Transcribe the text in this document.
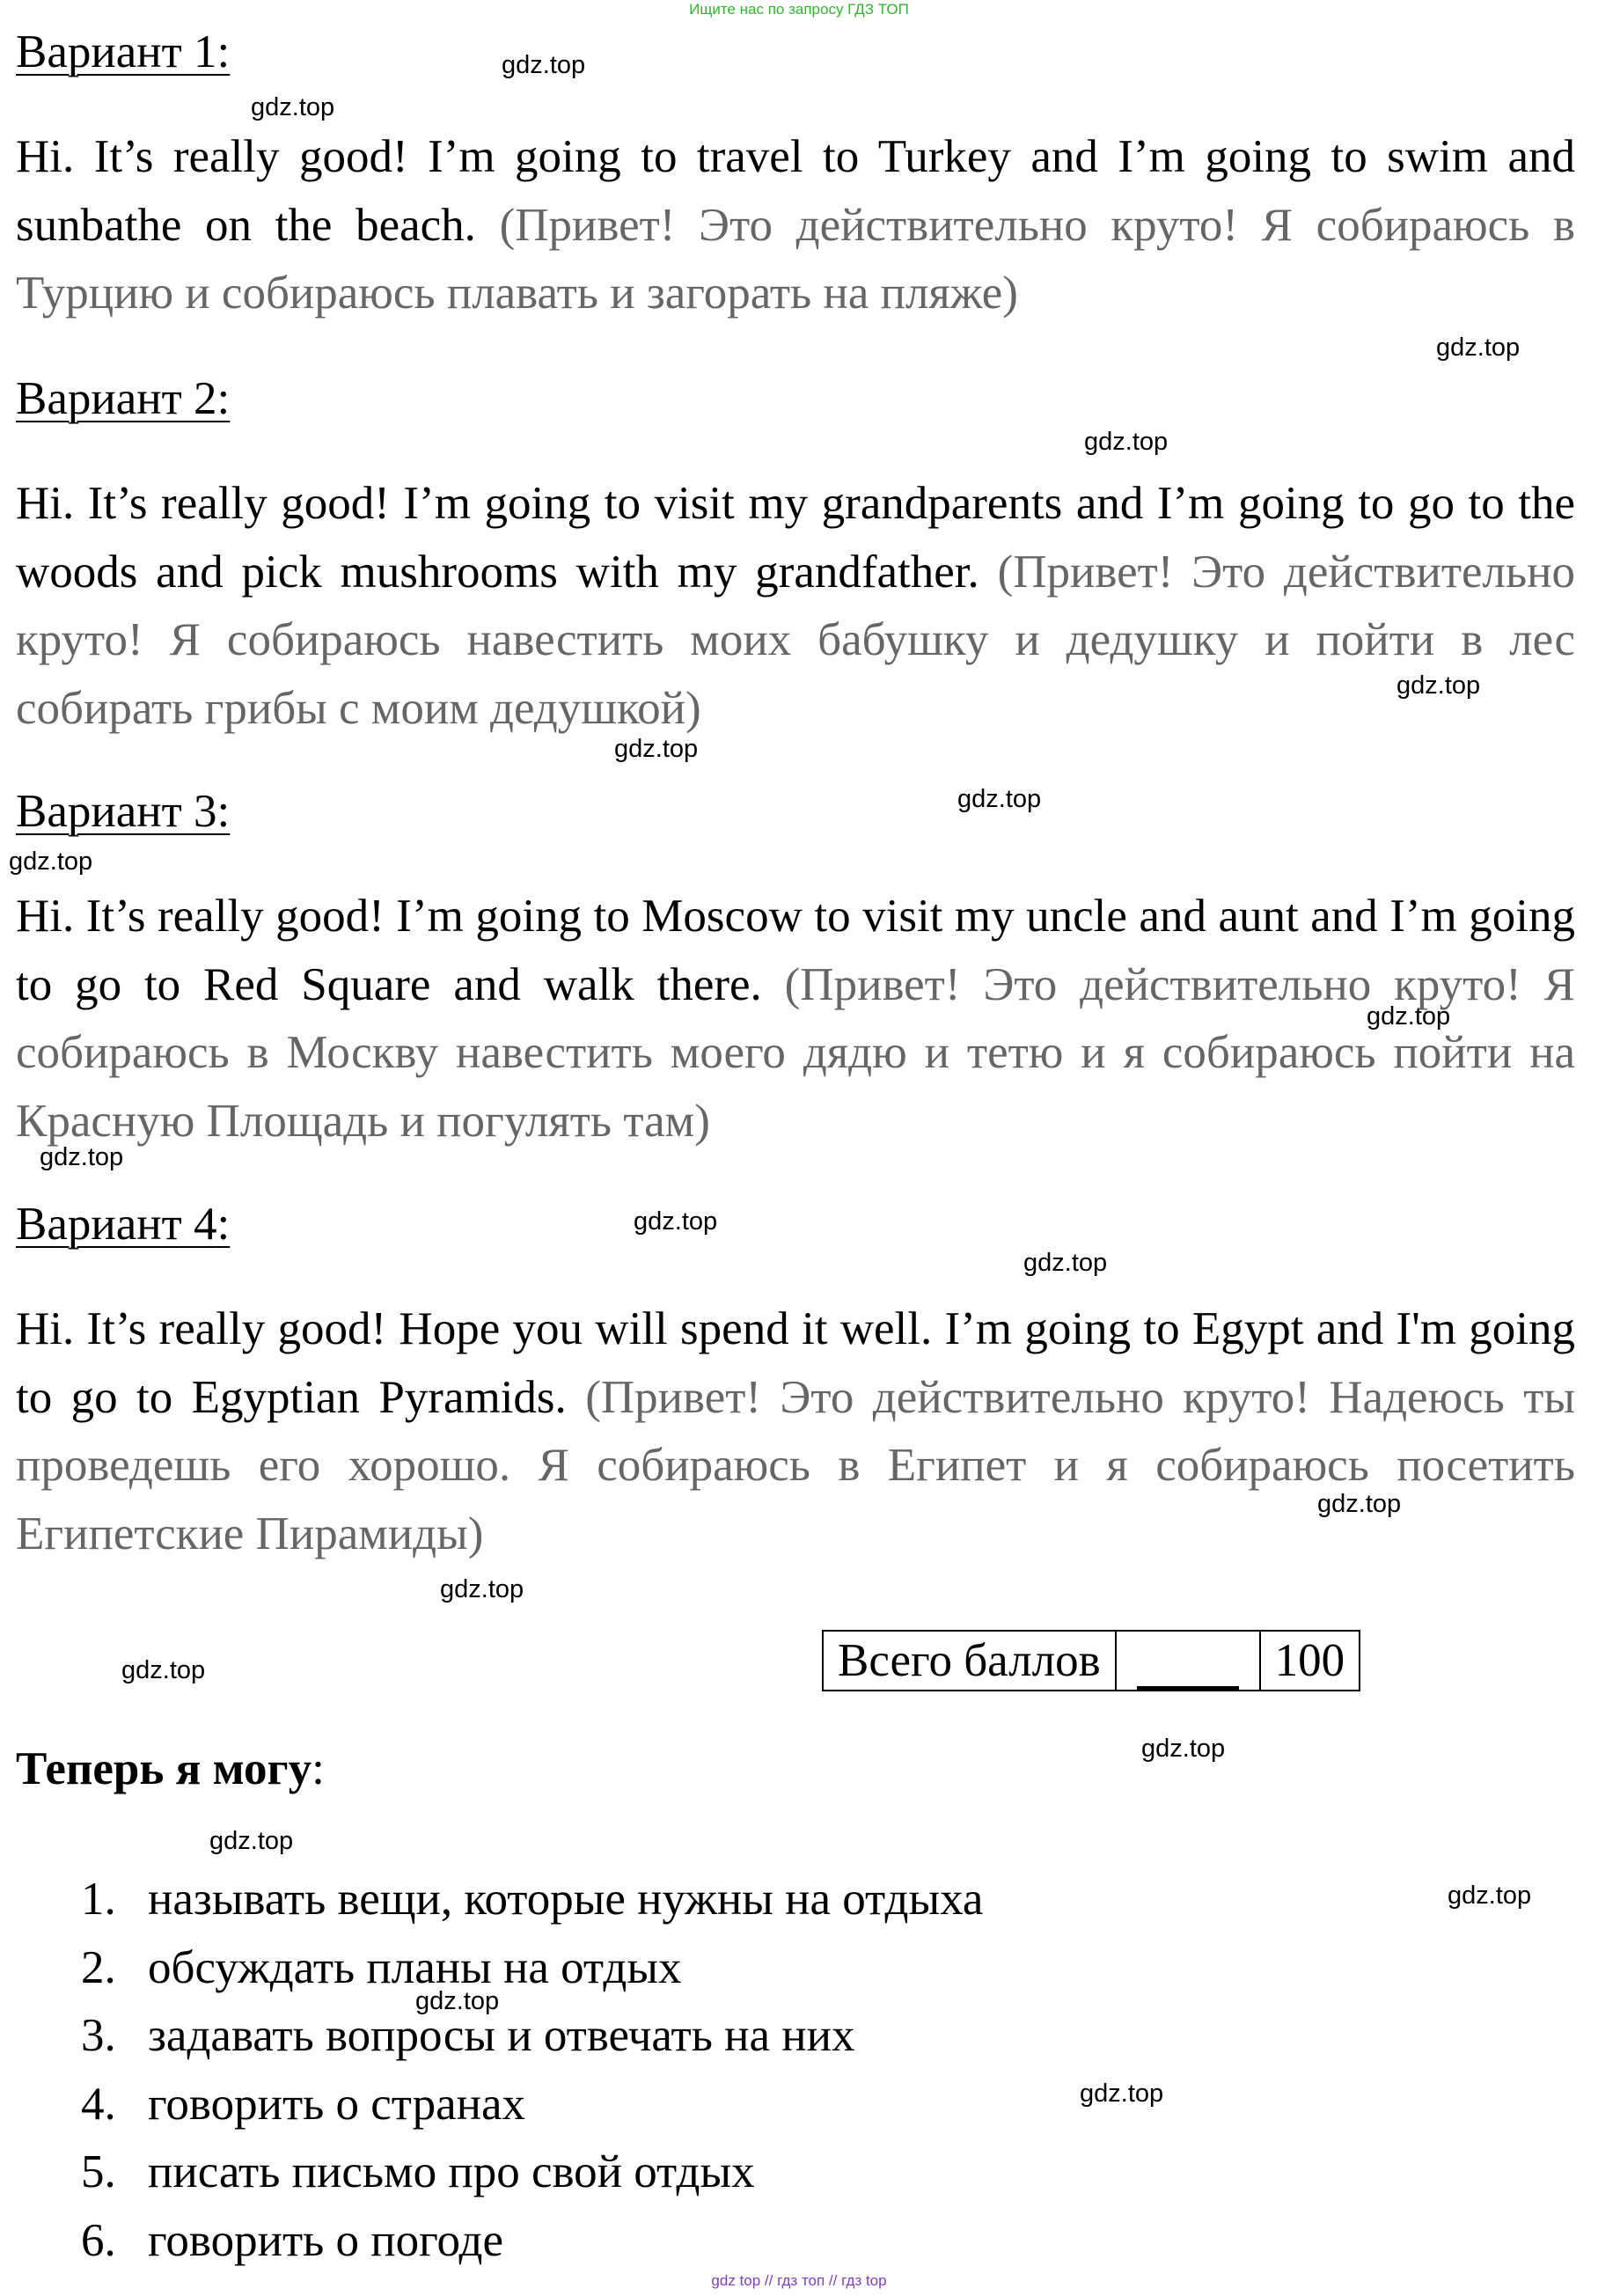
Ищите нас по запросу ГДЗ ТОП
Вариант 1:
Hi. It’s really good! I’m going to travel to Turkey and I’m going to swim and sunbathe on the beach. (Привет! Это действительно круто! Я собираюсь в Турцию и собираюсь плавать и загорать на пляже)
Вариант 2:
Hi. It’s really good! I’m going to visit my grandparents and I’m going to go to the woods and pick mushrooms with my grandfather. (Привет! Это действительно круто! Я собираюсь навестить моих бабушку и дедушку и пойти в лес собирать грибы с моим дедушкой)
Вариант 3:
Hi. It’s really good! I’m going to Moscow to visit my uncle and aunt and I’m going to go to Red Square and walk there. (Привет! Это действительно круто! Я собираюсь в Москву навестить моего дядю и тетю и я собираюсь пойти на Красную Площадь и погулять там)
Вариант 4:
Hi. It’s really good! Hope you will spend it well. I’m going to Egypt and I'm going to go to Egyptian Pyramids. (Привет! Это действительно круто! Надеюсь ты проведешь его хорошо. Я собираюсь в Египет и я собираюсь посетить Египетские Пирамиды)
Всего баллов		100
Теперь я могу:
1. называть вещи, которые нужны на отдыха
2. обсуждать планы на отдых
3. задавать вопросы и отвечать на них
4. говорить о странах
5. писать письмо про свой отдых
6. говорить о погоде
gdz.top
gdz.top
gdz.top
gdz.top
gdz.top
gdz.top
gdz.top
gdz.top
gdz.top
gdz.top
gdz.top
gdz.top
gdz.top
gdz.top
gdz.top
gdz.top
gdz.top
gdz.top
gdz.top
gdz.top
gdz top // гдз топ // гдз top
